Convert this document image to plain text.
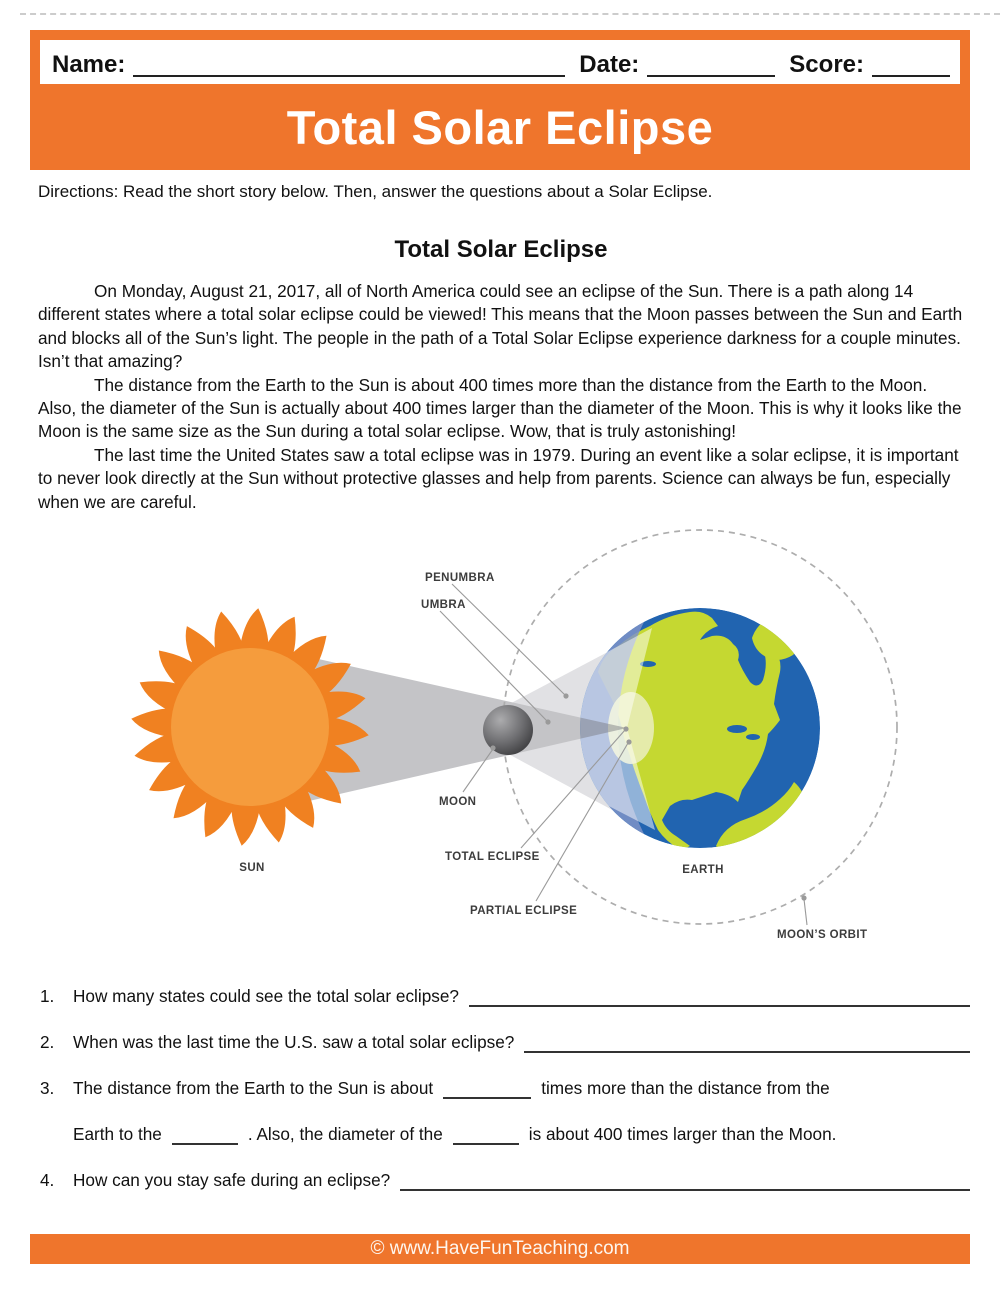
Name:	Date:	Score:
Total Solar Eclipse
Directions: Read the short story below. Then, answer the questions about a Solar Eclipse.
Total Solar Eclipse

On Monday, August 21, 2017, all of North America could see an eclipse of the Sun. There is a path along 14 different states where a total solar eclipse could be viewed! This means that the Moon passes between the Sun and Earth and blocks all of the Sun’s light. The people in the path of a Total Solar Eclipse experience darkness for a couple minutes. Isn’t that amazing?

The distance from the Earth to the Sun is about 400 times more than the distance from the Earth to the Moon. Also, the diameter of the Sun is actually about 400 times larger than the diameter of the Moon. This is why it looks like the Moon is the same size as the Sun during a total solar eclipse. Wow, that is truly astonishing!

The last time the United States saw a total eclipse was in 1979. During an event like a solar eclipse, it is important to never look directly at the Sun without protective glasses and help from parents. Science can always be fun, especially when we are careful.

PENUMBRA
UMBRA
MOON
TOTAL ECLIPSE
PARTIAL ECLIPSE
SUN	EARTH
MOON’S ORBIT
1.	How many states could see the total solar eclipse?
2.	When was the last time the U.S. saw a total solar eclipse?
3.	The distance from the Earth to the Sun is about	times more than the distance from the
Earth to the	. Also, the diameter of the	is about 400 times larger than the Moon.
4.	How can you stay safe during an eclipse?
© www.HaveFunTeaching.com
